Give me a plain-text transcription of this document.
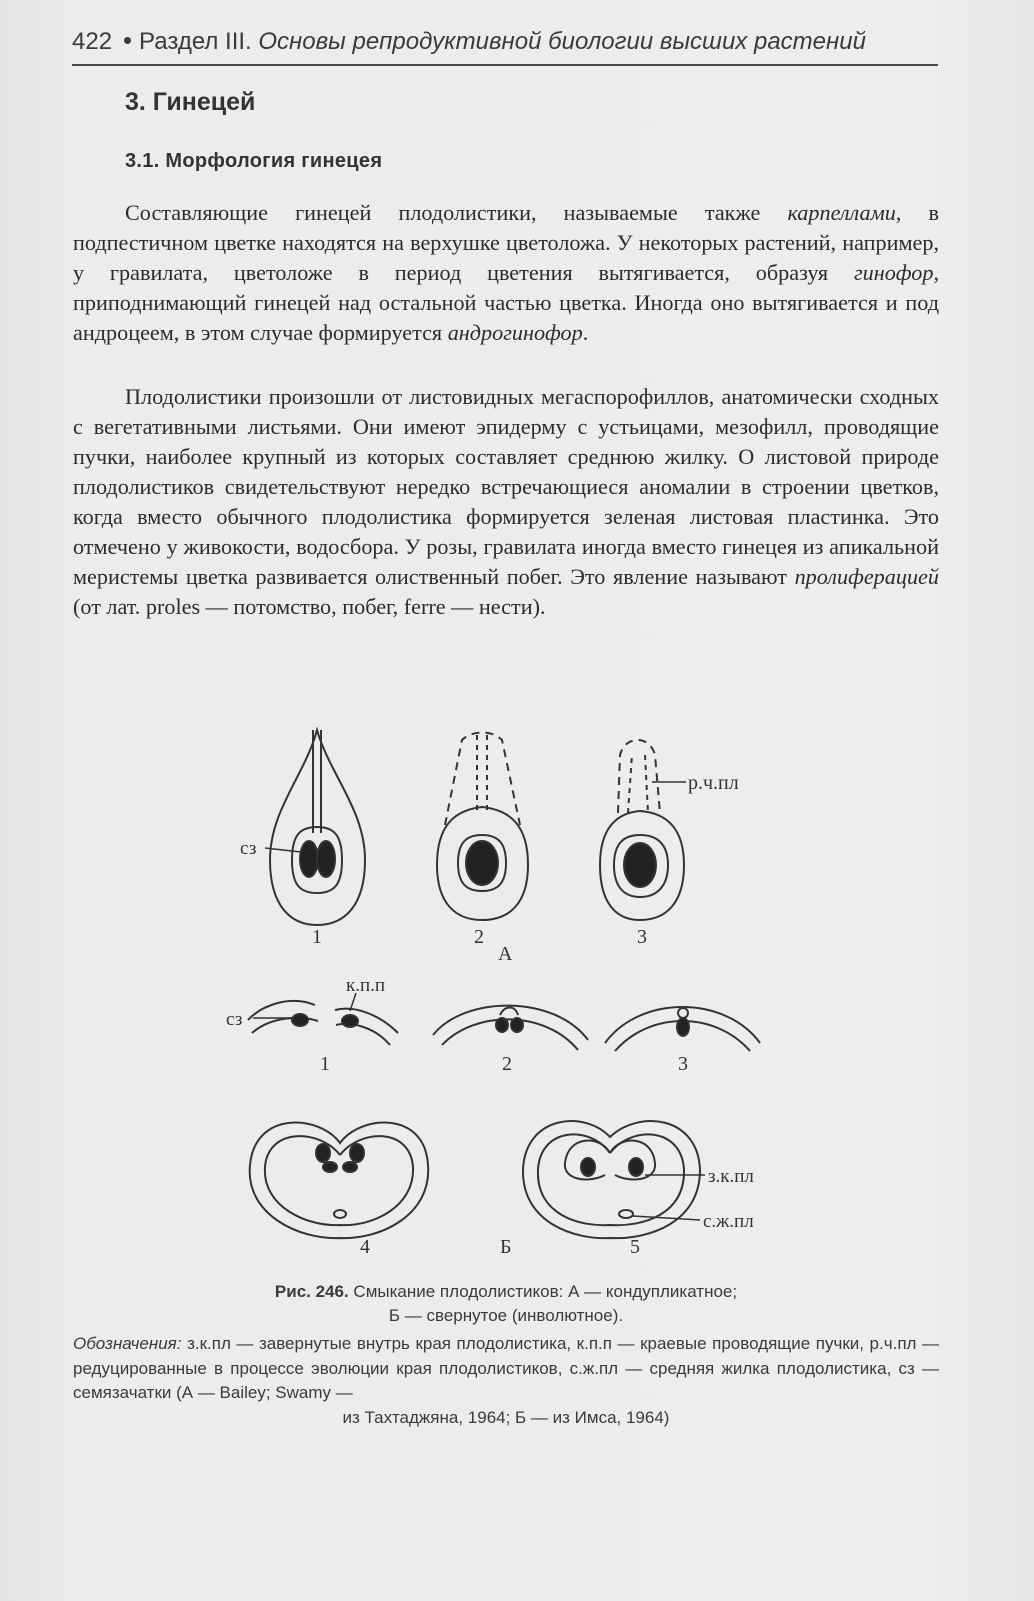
422 Раздел III. Основы репродуктивной биологии высших растений
3. Гинецей
3.1. Морфология гинецея

Составляющие гинецей плодолистики, называемые также карпеллами, в подпестичном цветке находятся на верхушке цветоложа. У некоторых растений, например, у гравилата, цветоложе в период цветения вытягивается, образуя гинофор, приподнимающий гинецей над остальной частью цветка. Иногда оно вытягивается и под андроцеем, в этом случае формируется андрогинофор.

Плодолистики произошли от листовидных мегаспорофиллов, анатомически сходных с вегетативными листьями. Они имеют эпидерму с устьицами, мезофилл, проводящие пучки, наиболее крупный из которых составляет среднюю жилку. О листовой природе плодолистиков свидетельствуют нередко встречающиеся аномалии в строении цветков, когда вместо обычного плодолистика формируется зеленая листовая пластинка. Это отмечено у живокости, водосбора. У розы, гравилата иногда вместо гинецея из апикальной меристемы цветка развивается олиственный побег. Это явление называют пролиферацией (от лат. proles — потомство, побег, ferre — нести).

сз
р.ч.пл
1	2	3
А
к.п.п
сз
1	2	3
4	Б	5
з.к.пл
с.ж.пл
Рис. 246. Смыкание плодолистиков: А — кондупликатное;
Б — свернутое (инволютное).
Обозначения: з.к.пл — завернутые внутрь края плодолистика, к.п.п — краевые проводящие пучки, р.ч.пл — редуцированные в процессе эволюции края плодолистиков, с.ж.пл — средняя жилка плодолистика, сз — семязачатки (А — Bailey; Swamy —
из Тахтаджяна, 1964; Б — из Имса, 1964)
